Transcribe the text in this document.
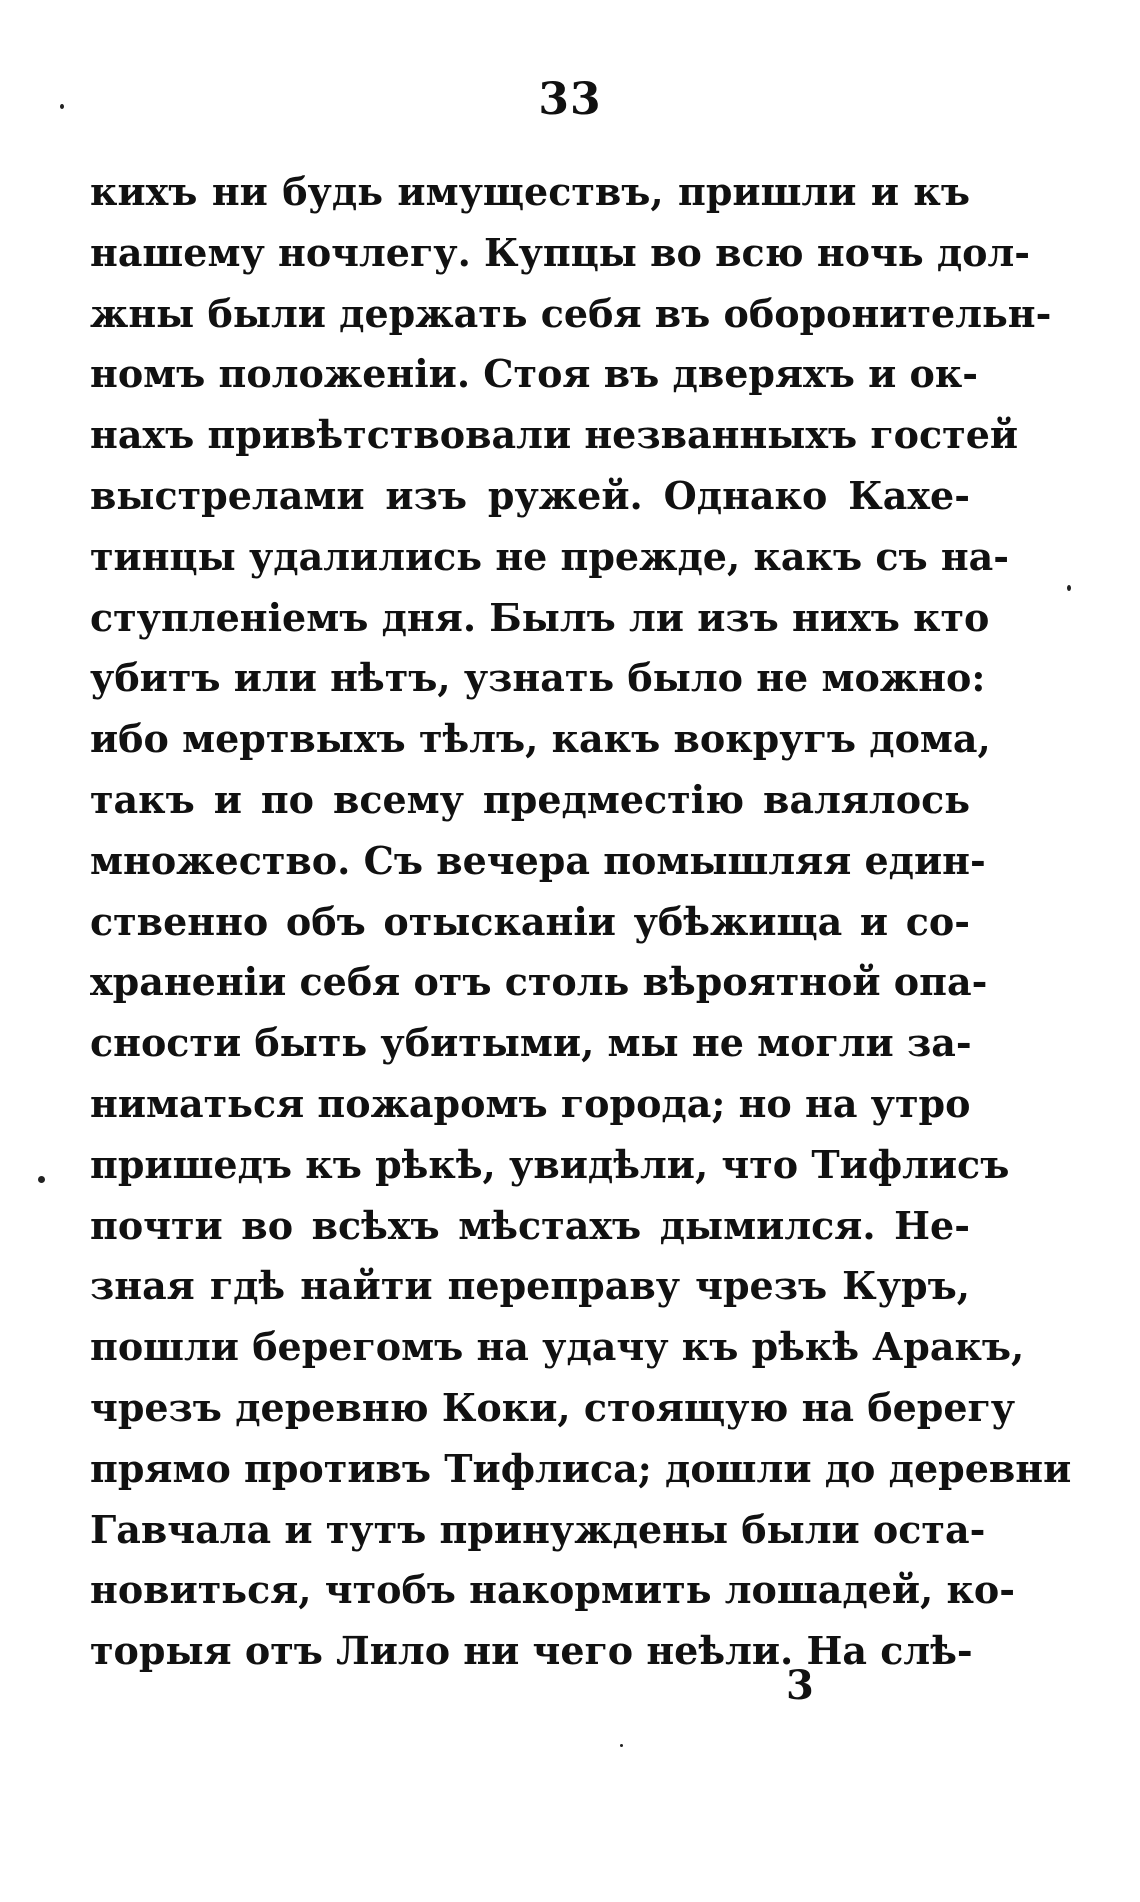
33
кихъ ни будь имуществъ, пришли и къ
нашему ночлегу. Купцы во всю ночь дол-
жны были держать себя въ оборонительн-
номъ положеніи. Стоя въ дверяхъ и ок-
нахъ привѣтствовали незванныхъ гостей
выстрелами изъ ружей. Однако Кахе-
тинцы удалились не прежде, какъ съ на-
ступленіемъ дня. Былъ ли изъ нихъ кто
убитъ или нѣтъ, узнать было не можно:
ибо мертвыхъ тѣлъ, какъ вокругъ дома,
такъ и по всему предместію валялось
множество. Съ вечера помышляя един-
ственно объ отысканіи убѣжища и со-
храненіи себя отъ столь вѣроятной опа-
сности быть убитыми, мы не могли за-
ниматься пожаромъ города; но на утро
пришедъ къ рѣкѣ, увидѣли, что Тифлисъ
почти во всѣхъ мѣстахъ дымился. Не-
зная гдѣ найти переправу чрезъ Куръ,
пошли берегомъ на удачу къ рѣкѣ Аракъ,
чрезъ деревню Коки, стоящую на берегу
прямо противъ Тифлиса; дошли до деревни
Гавчала и тутъ принуждены были оста-
новиться, чтобъ накормить лошадей, ко-
торыя отъ Лило ни чего неѣли. На слѣ-
3
